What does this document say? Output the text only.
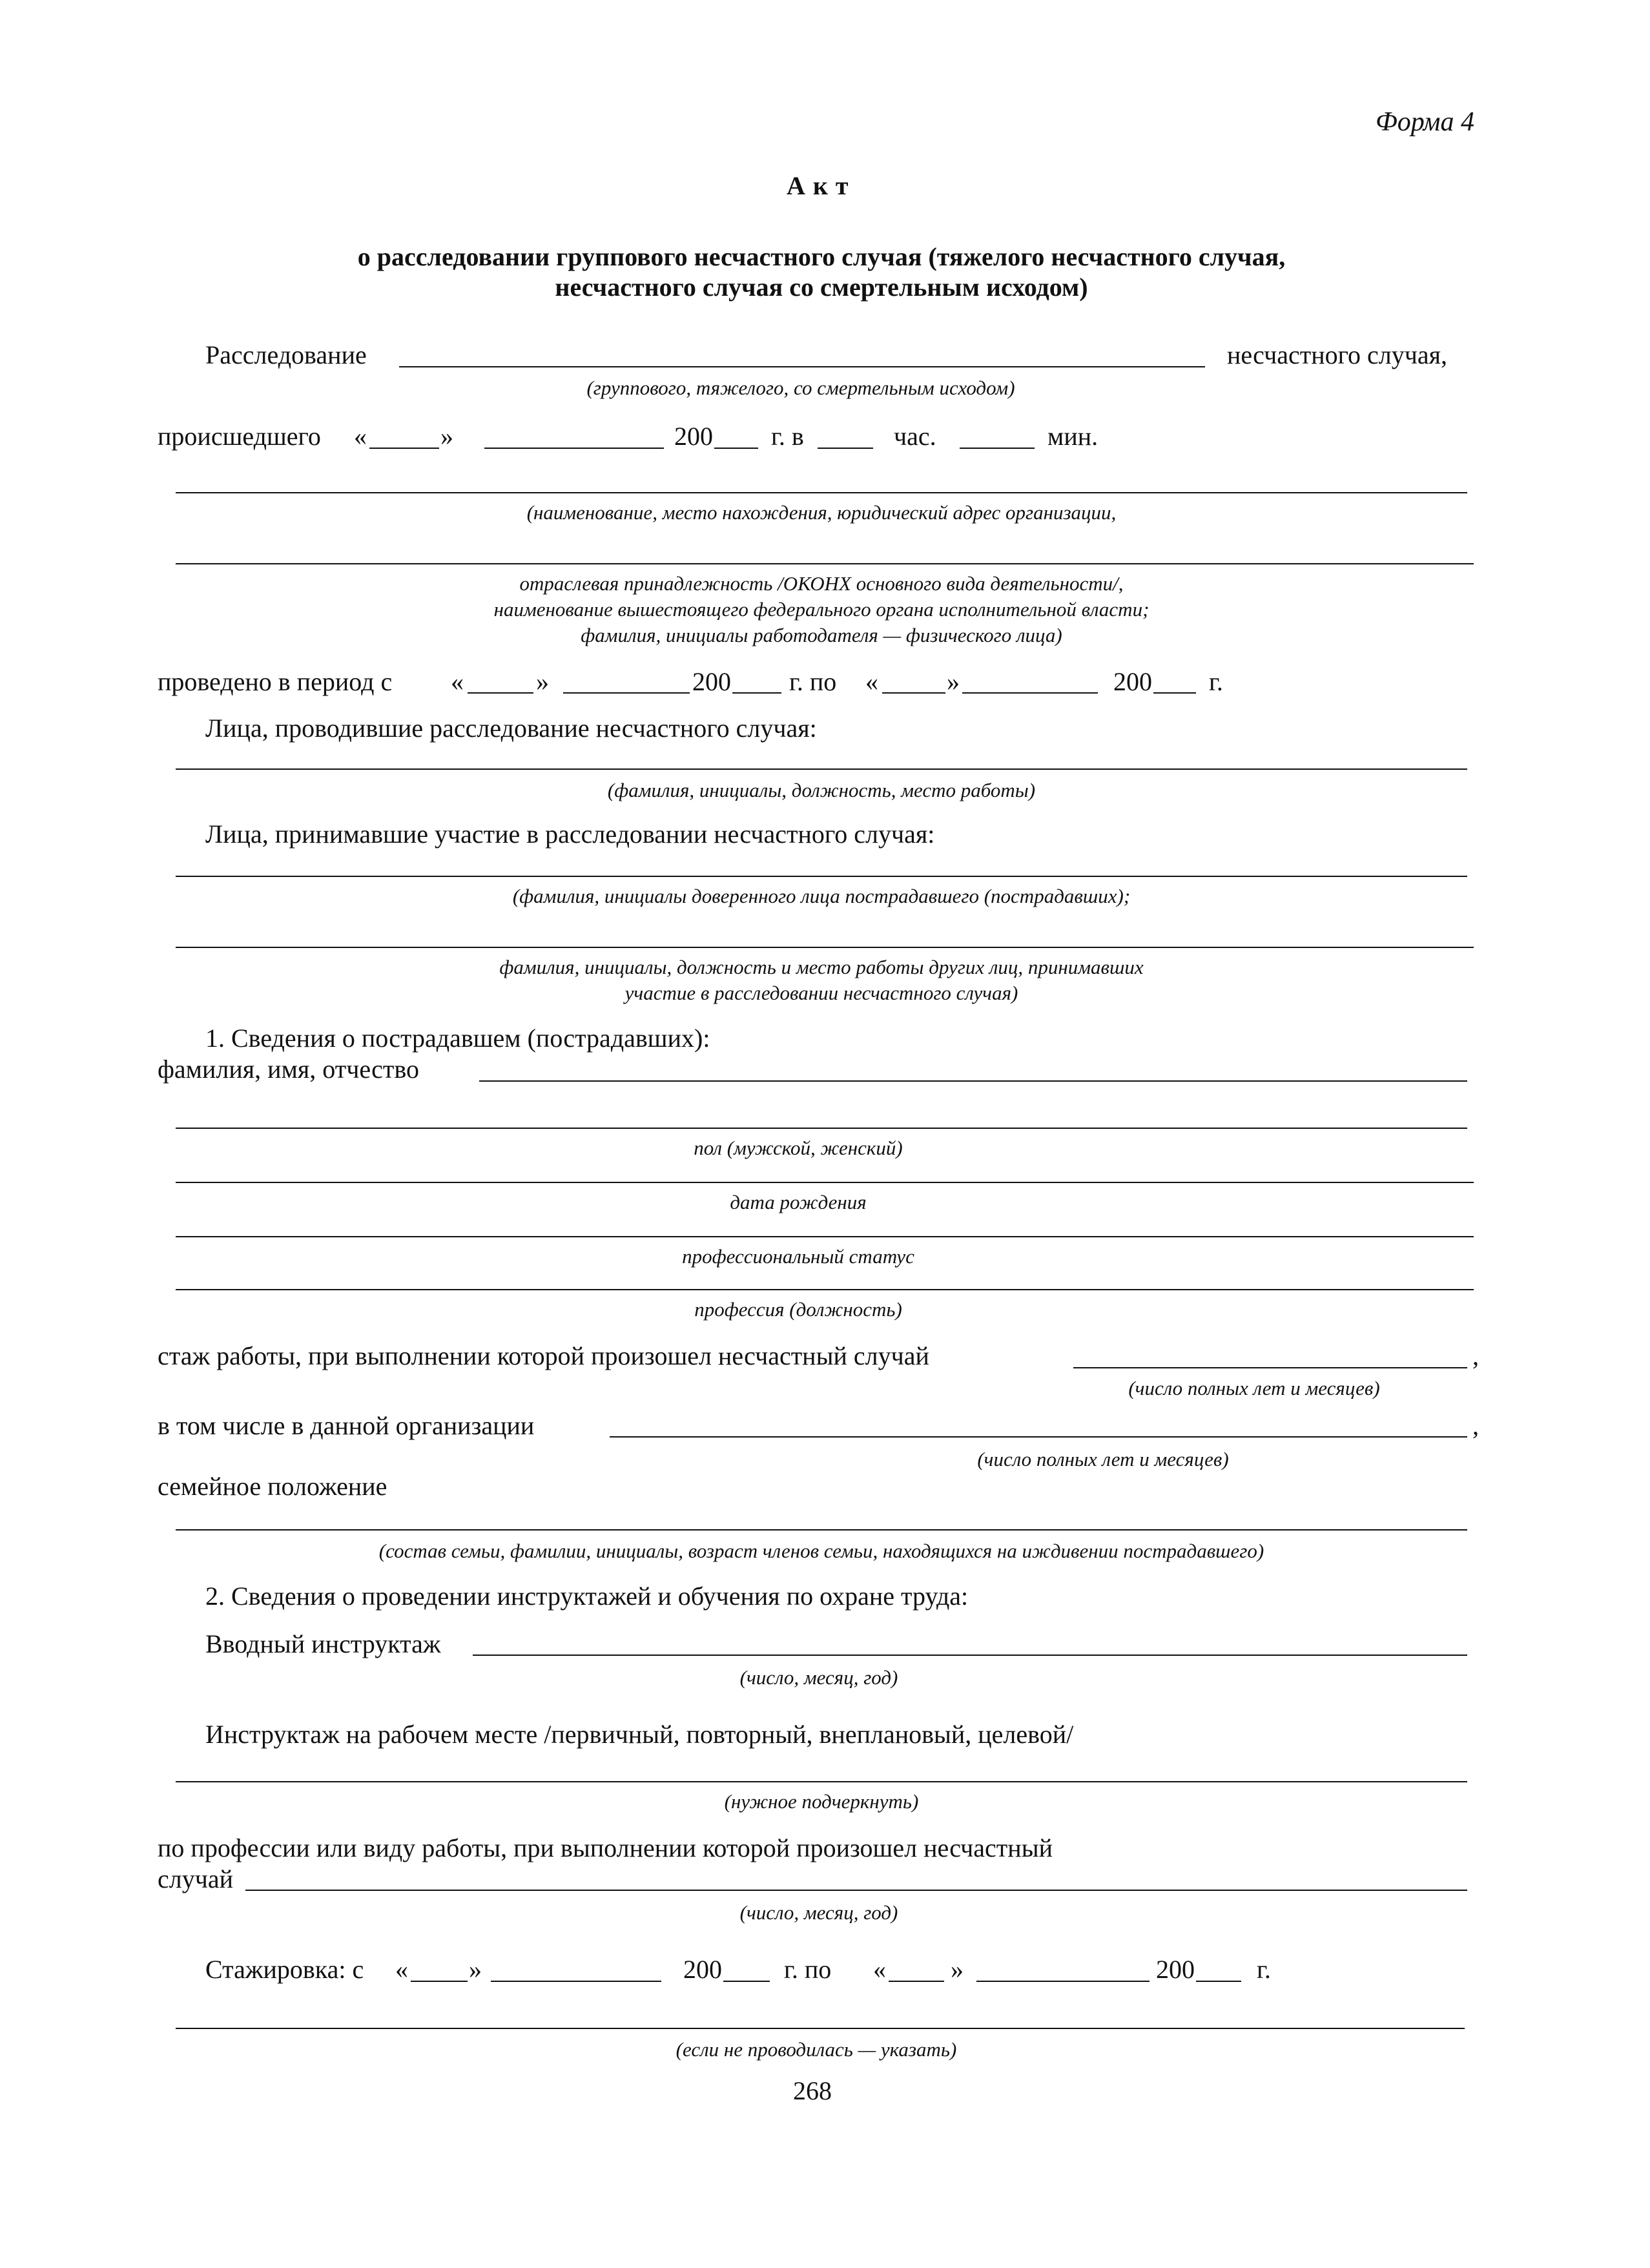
Форма 4
Акт
о расследовании группового несчастного случая (тяжелого несчастного случая,
несчастного случая со смертельным исходом)
Расследование	несчастного случая,
(группового, тяжелого, со смертельным исходом)
происшедшего «	»	200 г. в	час.	мин.
(наименование, место нахождения, юридический адрес организации,
отраслевая принадлежность /ОКОНХ основного вида деятельности/,
наименование вышестоящего федерального органа исполнительной власти;
фамилия, инициалы работодателя — физического лица)
проведено в период с «	»	200 г. по «	»	200 г.
Лица, проводившие расследование несчастного случая:
(фамилия, инициалы, должность, место работы)
Лица, принимавшие участие в расследовании несчастного случая:
(фамилия, инициалы доверенного лица пострадавшего (пострадавших);
фамилия, инициалы, должность и место работы других лиц, принимавших
участие в расследовании несчастного случая)
1. Сведения о пострадавшем (пострадавших):
фамилия, имя, отчество
пол (мужской, женский)
дата рождения
профессиональный статус
профессия (должность)
стаж работы, при выполнении которой произошел несчастный случай	,
(число полных лет и месяцев)
в том числе в данной организации	,
(число полных лет и месяцев)
семейное положение
(состав семьи, фамилии, инициалы, возраст членов семьи, находящихся на иждивении пострадавшего)
2. Сведения о проведении инструктажей и обучения по охране труда:
Вводный инструктаж
(число, месяц, год)
Инструктаж на рабочем месте /первичный, повторный, внеплановый, целевой/
(нужное подчеркнуть)
по профессии или виду работы, при выполнении которой произошел несчастный
случай
(число, месяц, год)
Стажировка: с « »	200 г. по «	»	200 г.
(если не проводилась — указать)
268
